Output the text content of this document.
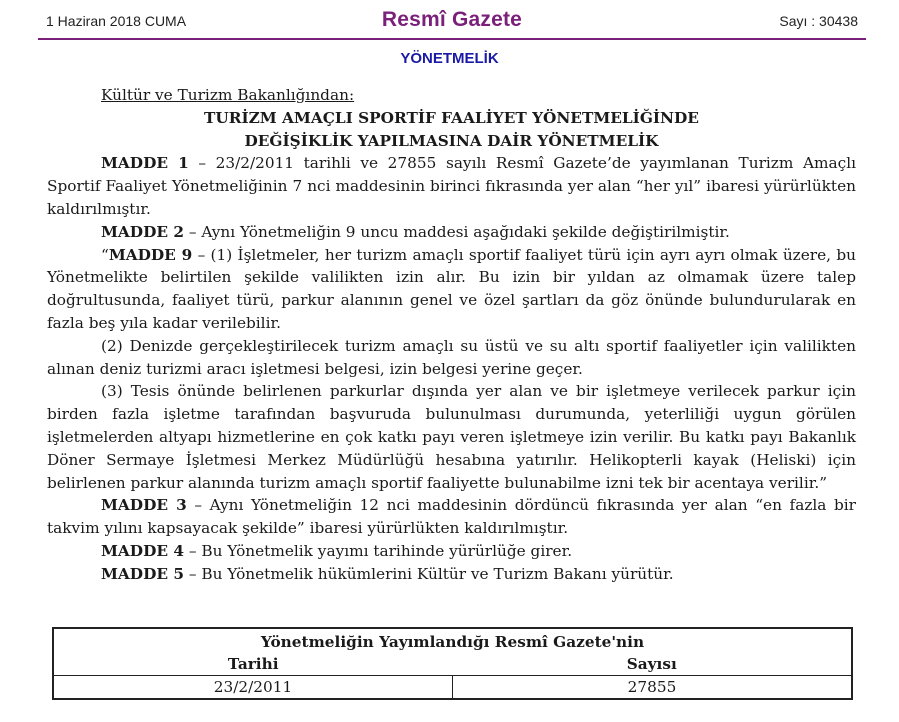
1 Haziran 2018 CUMA	Resmî Gazete	Sayı : 30438
YÖNETMELİK

Kültür ve Turizm Bakanlığından:

TURİZM AMAÇLI SPORTİF FAALİYET YÖNETMELİĞİNDE

DEĞİŞİKLİK YAPILMASINA DAİR YÖNETMELİK

MADDE 1 – 23/2/2011 tarihli ve 27855 sayılı Resmî Gazete’de yayımlanan Turizm Amaçlı Sportif Faaliyet Yönetmeliğinin 7 nci maddesinin birinci fıkrasında yer alan “her yıl” ibaresi yürürlükten kaldırılmıştır.

MADDE 2 – Aynı Yönetmeliğin 9 uncu maddesi aşağıdaki şekilde değiştirilmiştir.

“MADDE 9 – (1) İşletmeler, her turizm amaçlı sportif faaliyet türü için ayrı ayrı olmak üzere, bu Yönetmelikte belirtilen şekilde valilikten izin alır. Bu izin bir yıldan az olmamak üzere talep doğrultusunda, faaliyet türü, parkur alanının genel ve özel şartları da göz önünde bulundurularak en fazla beş yıla kadar verilebilir.

(2) Denizde gerçekleştirilecek turizm amaçlı su üstü ve su altı sportif faaliyetler için valilikten alınan deniz turizmi aracı işletmesi belgesi, izin belgesi yerine geçer.

(3) Tesis önünde belirlenen parkurlar dışında yer alan ve bir işletmeye verilecek parkur için birden fazla işletme tarafından başvuruda bulunulması durumunda, yeterliliği uygun görülen işletmelerden altyapı hizmetlerine en çok katkı payı veren işletmeye izin verilir. Bu katkı payı Bakanlık Döner Sermaye İşletmesi Merkez Müdürlüğü hesabına yatırılır. Helikopterli kayak (Heliski) için belirlenen parkur alanında turizm amaçlı sportif faaliyette bulunabilme izni tek bir acentaya verilir.”

MADDE 3 – Aynı Yönetmeliğin 12 nci maddesinin dördüncü fıkrasında yer alan “en fazla bir takvim yılını kapsayacak şekilde” ibaresi yürürlükten kaldırılmıştır.

MADDE 4 – Bu Yönetmelik yayımı tarihinde yürürlüğe girer.

MADDE 5 – Bu Yönetmelik hükümlerini Kültür ve Turizm Bakanı yürütür.

Yönetmeliğin Yayımlandığı Resmî Gazete'nin	
Tarihi	Sayısı
23/2/2011	27855
